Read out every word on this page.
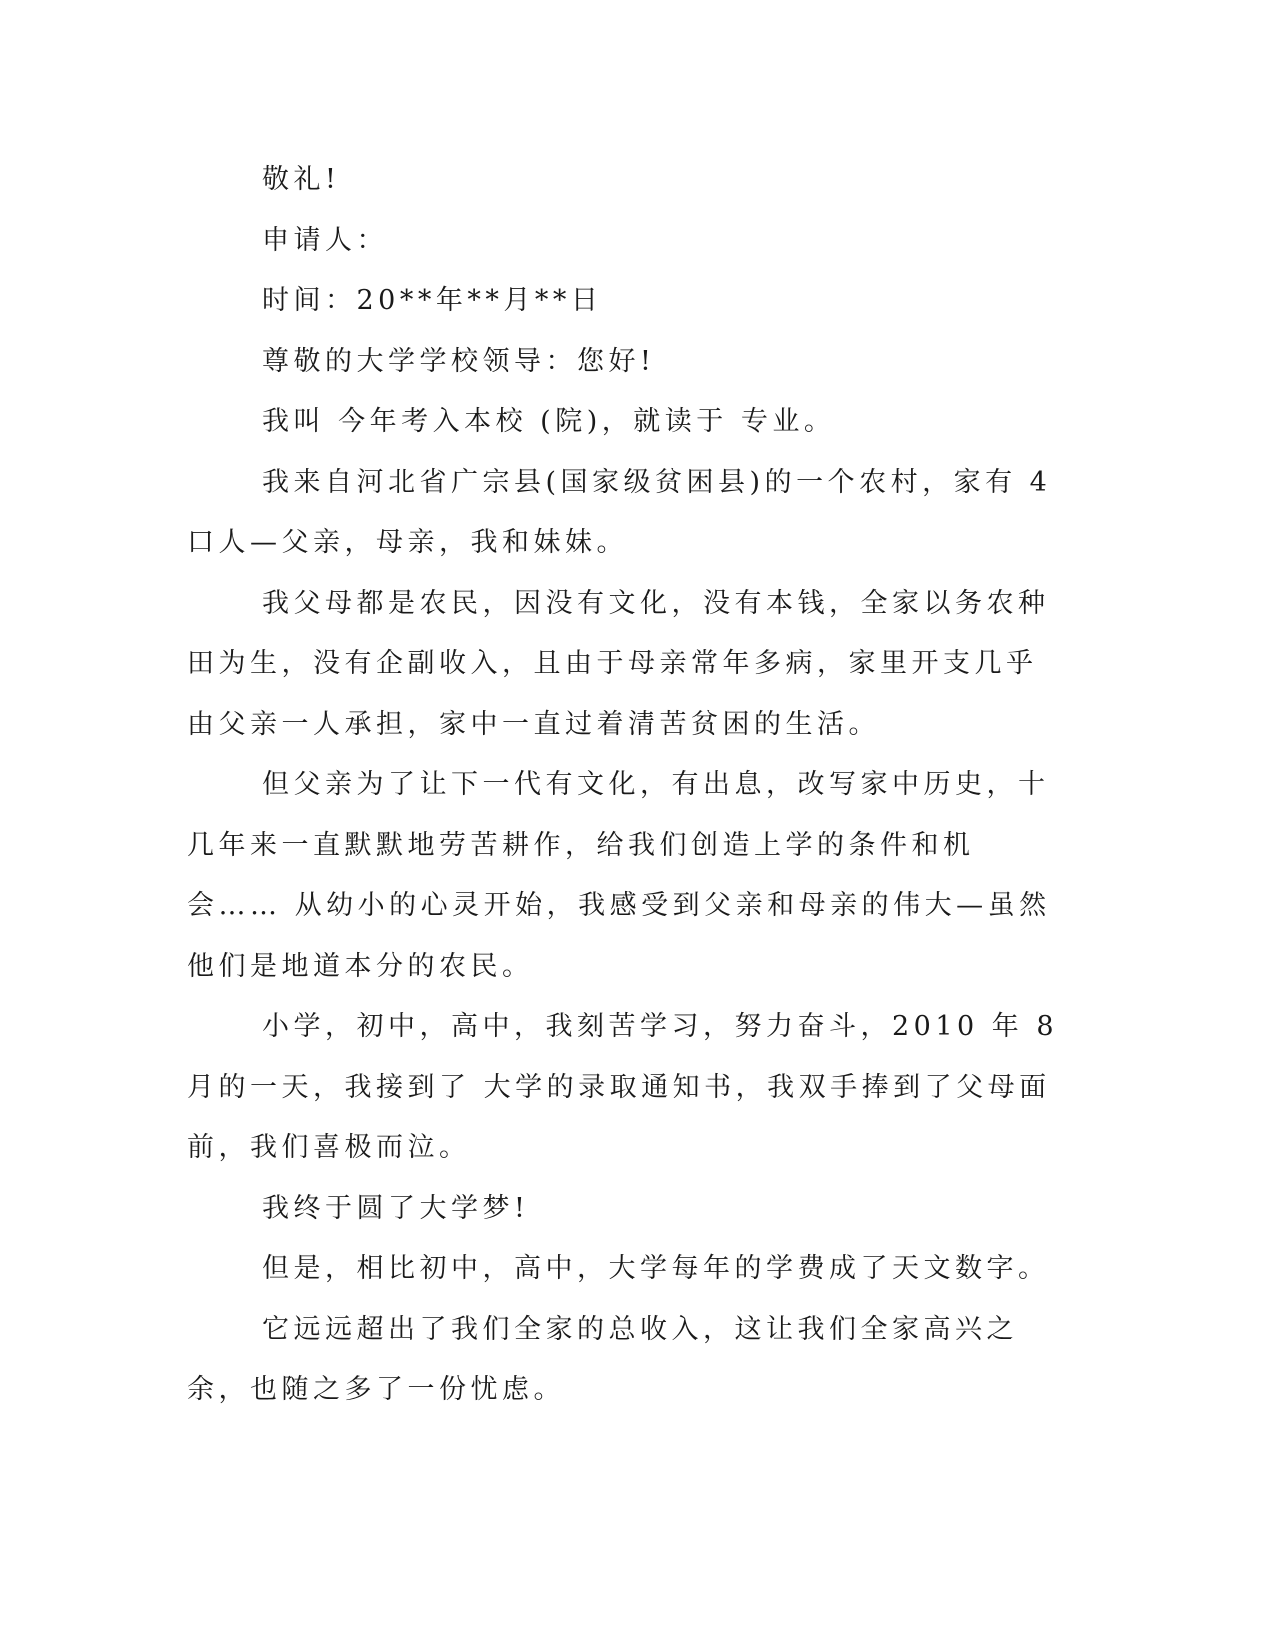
敬礼!

申请人：

时间：20**年**月**日

尊敬的大学学校领导：您好!

我叫 今年考入本校 (院)，就读于 专业。

我来自河北省广宗县(国家级贫困县)的一个农村，家有 4 口人—父亲，母亲，我和妹妹。

我父母都是农民，因没有文化，没有本钱，全家以务农种田为生，没有企副收入，且由于母亲常年多病，家里开支几乎由父亲一人承担，家中一直过着清苦贫困的生活。

但父亲为了让下一代有文化，有出息，改写家中历史，十几年来一直默默地劳苦耕作，给我们创造上学的条件和机会…… 从幼小的心灵开始，我感受到父亲和母亲的伟大—虽然他们是地道本分的农民。

小学，初中，高中，我刻苦学习，努力奋斗，2010 年 8 月的一天，我接到了 大学的录取通知书，我双手捧到了父母面前，我们喜极而泣。

我终于圆了大学梦!

但是，相比初中，高中，大学每年的学费成了天文数字。

它远远超出了我们全家的总收入，这让我们全家高兴之余，也随之多了一份忧虑。
